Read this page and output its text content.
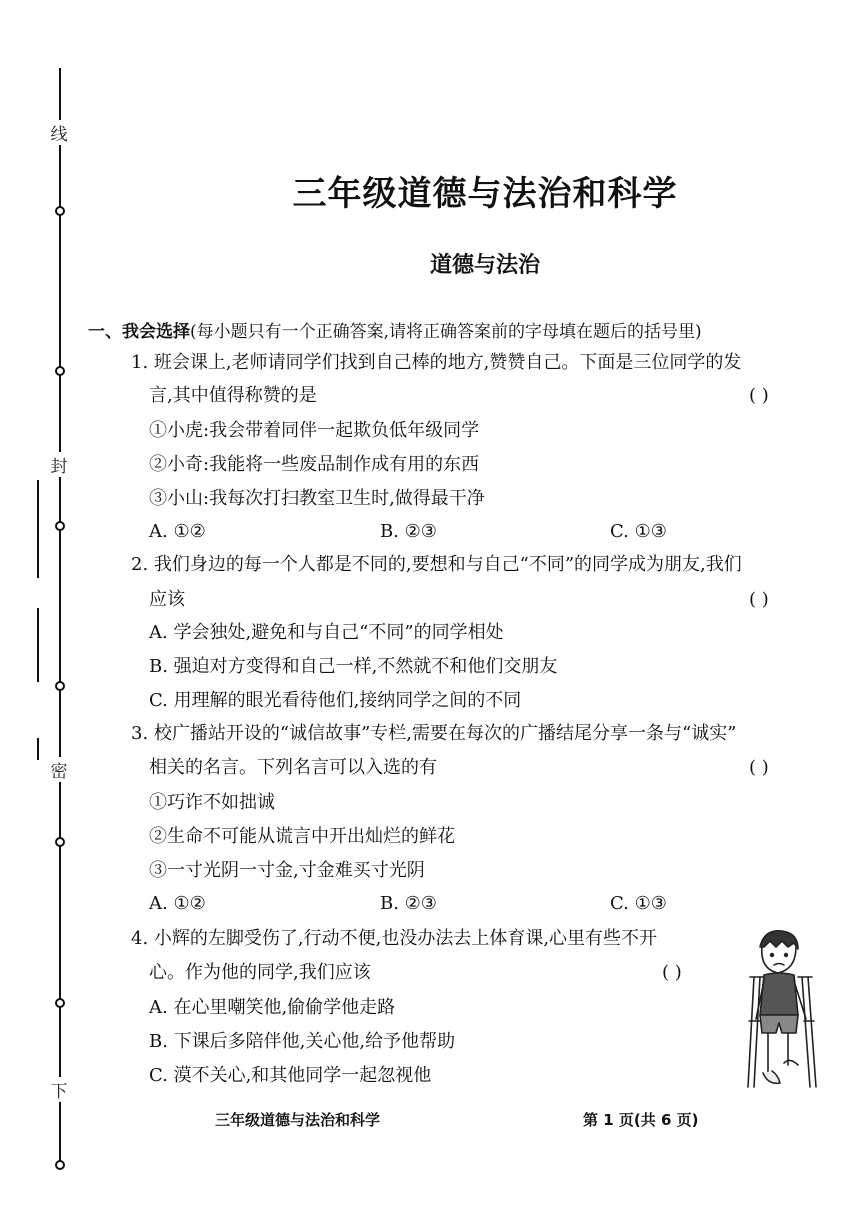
线
封
密
下
三年级道德与法治和科学
道德与法治
一、我会选择(每小题只有一个正确答案,请将正确答案前的字母填在题后的括号里)
1. 班会课上,老师请同学们找到自己棒的地方,赞赞自己。下面是三位同学的发
言,其中值得称赞的是	( )
①小虎:我会带着同伴一起欺负低年级同学
②小奇:我能将一些废品制作成有用的东西
③小山:我每次打扫教室卫生时,做得最干净
A. ①②	B. ②③	C. ①③
2. 我们身边的每一个人都是不同的,要想和与自己“不同”的同学成为朋友,我们
应该	( )
A. 学会独处,避免和与自己“不同”的同学相处
B. 强迫对方变得和自己一样,不然就不和他们交朋友
C. 用理解的眼光看待他们,接纳同学之间的不同
3. 校广播站开设的“诚信故事”专栏,需要在每次的广播结尾分享一条与“诚实”
相关的名言。下列名言可以入选的有	( )
①巧诈不如拙诚
②生命不可能从谎言中开出灿烂的鲜花
③一寸光阴一寸金,寸金难买寸光阴
A. ①②	B. ②③	C. ①③
4. 小辉的左脚受伤了,行动不便,也没办法去上体育课,心里有些不开
心。作为他的同学,我们应该	( )
A. 在心里嘲笑他,偷偷学他走路
B. 下课后多陪伴他,关心他,给予他帮助
C. 漠不关心,和其他同学一起忽视他
三年级道德与法治和科学	第 1 页(共 6 页)
